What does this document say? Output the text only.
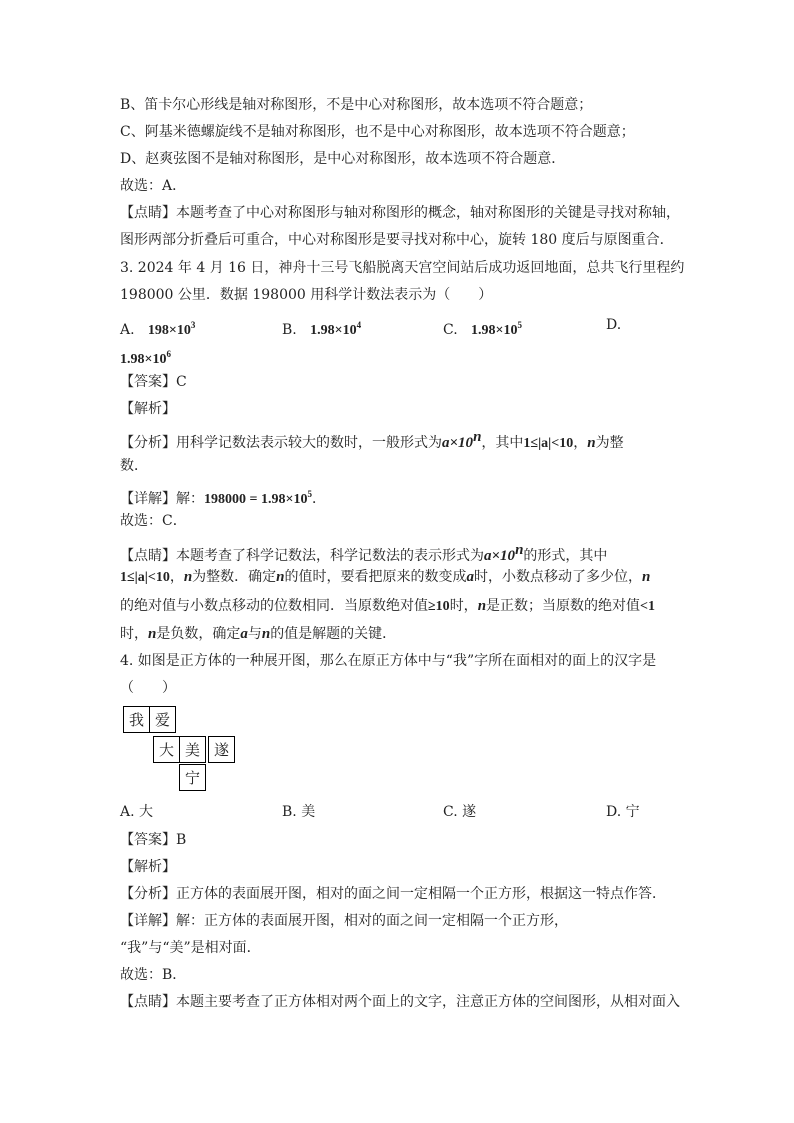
B、笛卡尔心形线是轴对称图形，不是中心对称图形，故本选项不符合题意；
C、阿基米德螺旋线不是轴对称图形，也不是中心对称图形，故本选项不符合题意；
D、赵爽弦图不是轴对称图形，是中心对称图形，故本选项不符合题意．
故选：A．
【点睛】本题考查了中心对称图形与轴对称图形的概念，轴对称图形的关键是寻找对称轴，
图形两部分折叠后可重合，中心对称图形是要寻找对称中心，旋转 180 度后与原图重合．
3. 2024 年 4 月 16 日，神舟十三号飞船脱离天宫空间站后成功返回地面，总共飞行里程约
198000 公里．数据 198000 用科学计数法表示为（　　）
A. $198\times 10^3$	B. $1.98\times 10^4$	C. $1.98\times 10^5$	D.
$1.98\times 10^6$
【答案】C
【解析】
【分析】用科学记数法表示较大的数时，一般形式为$a\times 10^n$，其中1≤|a|<10，n为整
数．
【详解】解：$198000 = 1.98\times 10^5$．
故选：C．
【点睛】本题考查了科学记数法，科学记数法的表示形式为$a\times 10^n$的形式，其中
1≤|a|<10，n为整数．确定n的值时，要看把原来的数变成a时，小数点移动了多少位，n
的绝对值与小数点移动的位数相同．当原数绝对值≥10时，n是正数；当原数的绝对值<1
时，n是负数，确定a与n的值是解题的关键．
4. 如图是正方体的一种展开图，那么在原正方体中与“我”字所在面相对的面上的汉字是
（　　）
我 爱
大 美 遂
宁
A. 大	B. 美	C. 遂	D. 宁
【答案】B
【解析】
【分析】正方体的表面展开图，相对的面之间一定相隔一个正方形，根据这一特点作答．
【详解】解：正方体的表面展开图，相对的面之间一定相隔一个正方形，
“我”与“美”是相对面．
故选：B．
【点睛】本题主要考查了正方体相对两个面上的文字，注意正方体的空间图形，从相对面入
